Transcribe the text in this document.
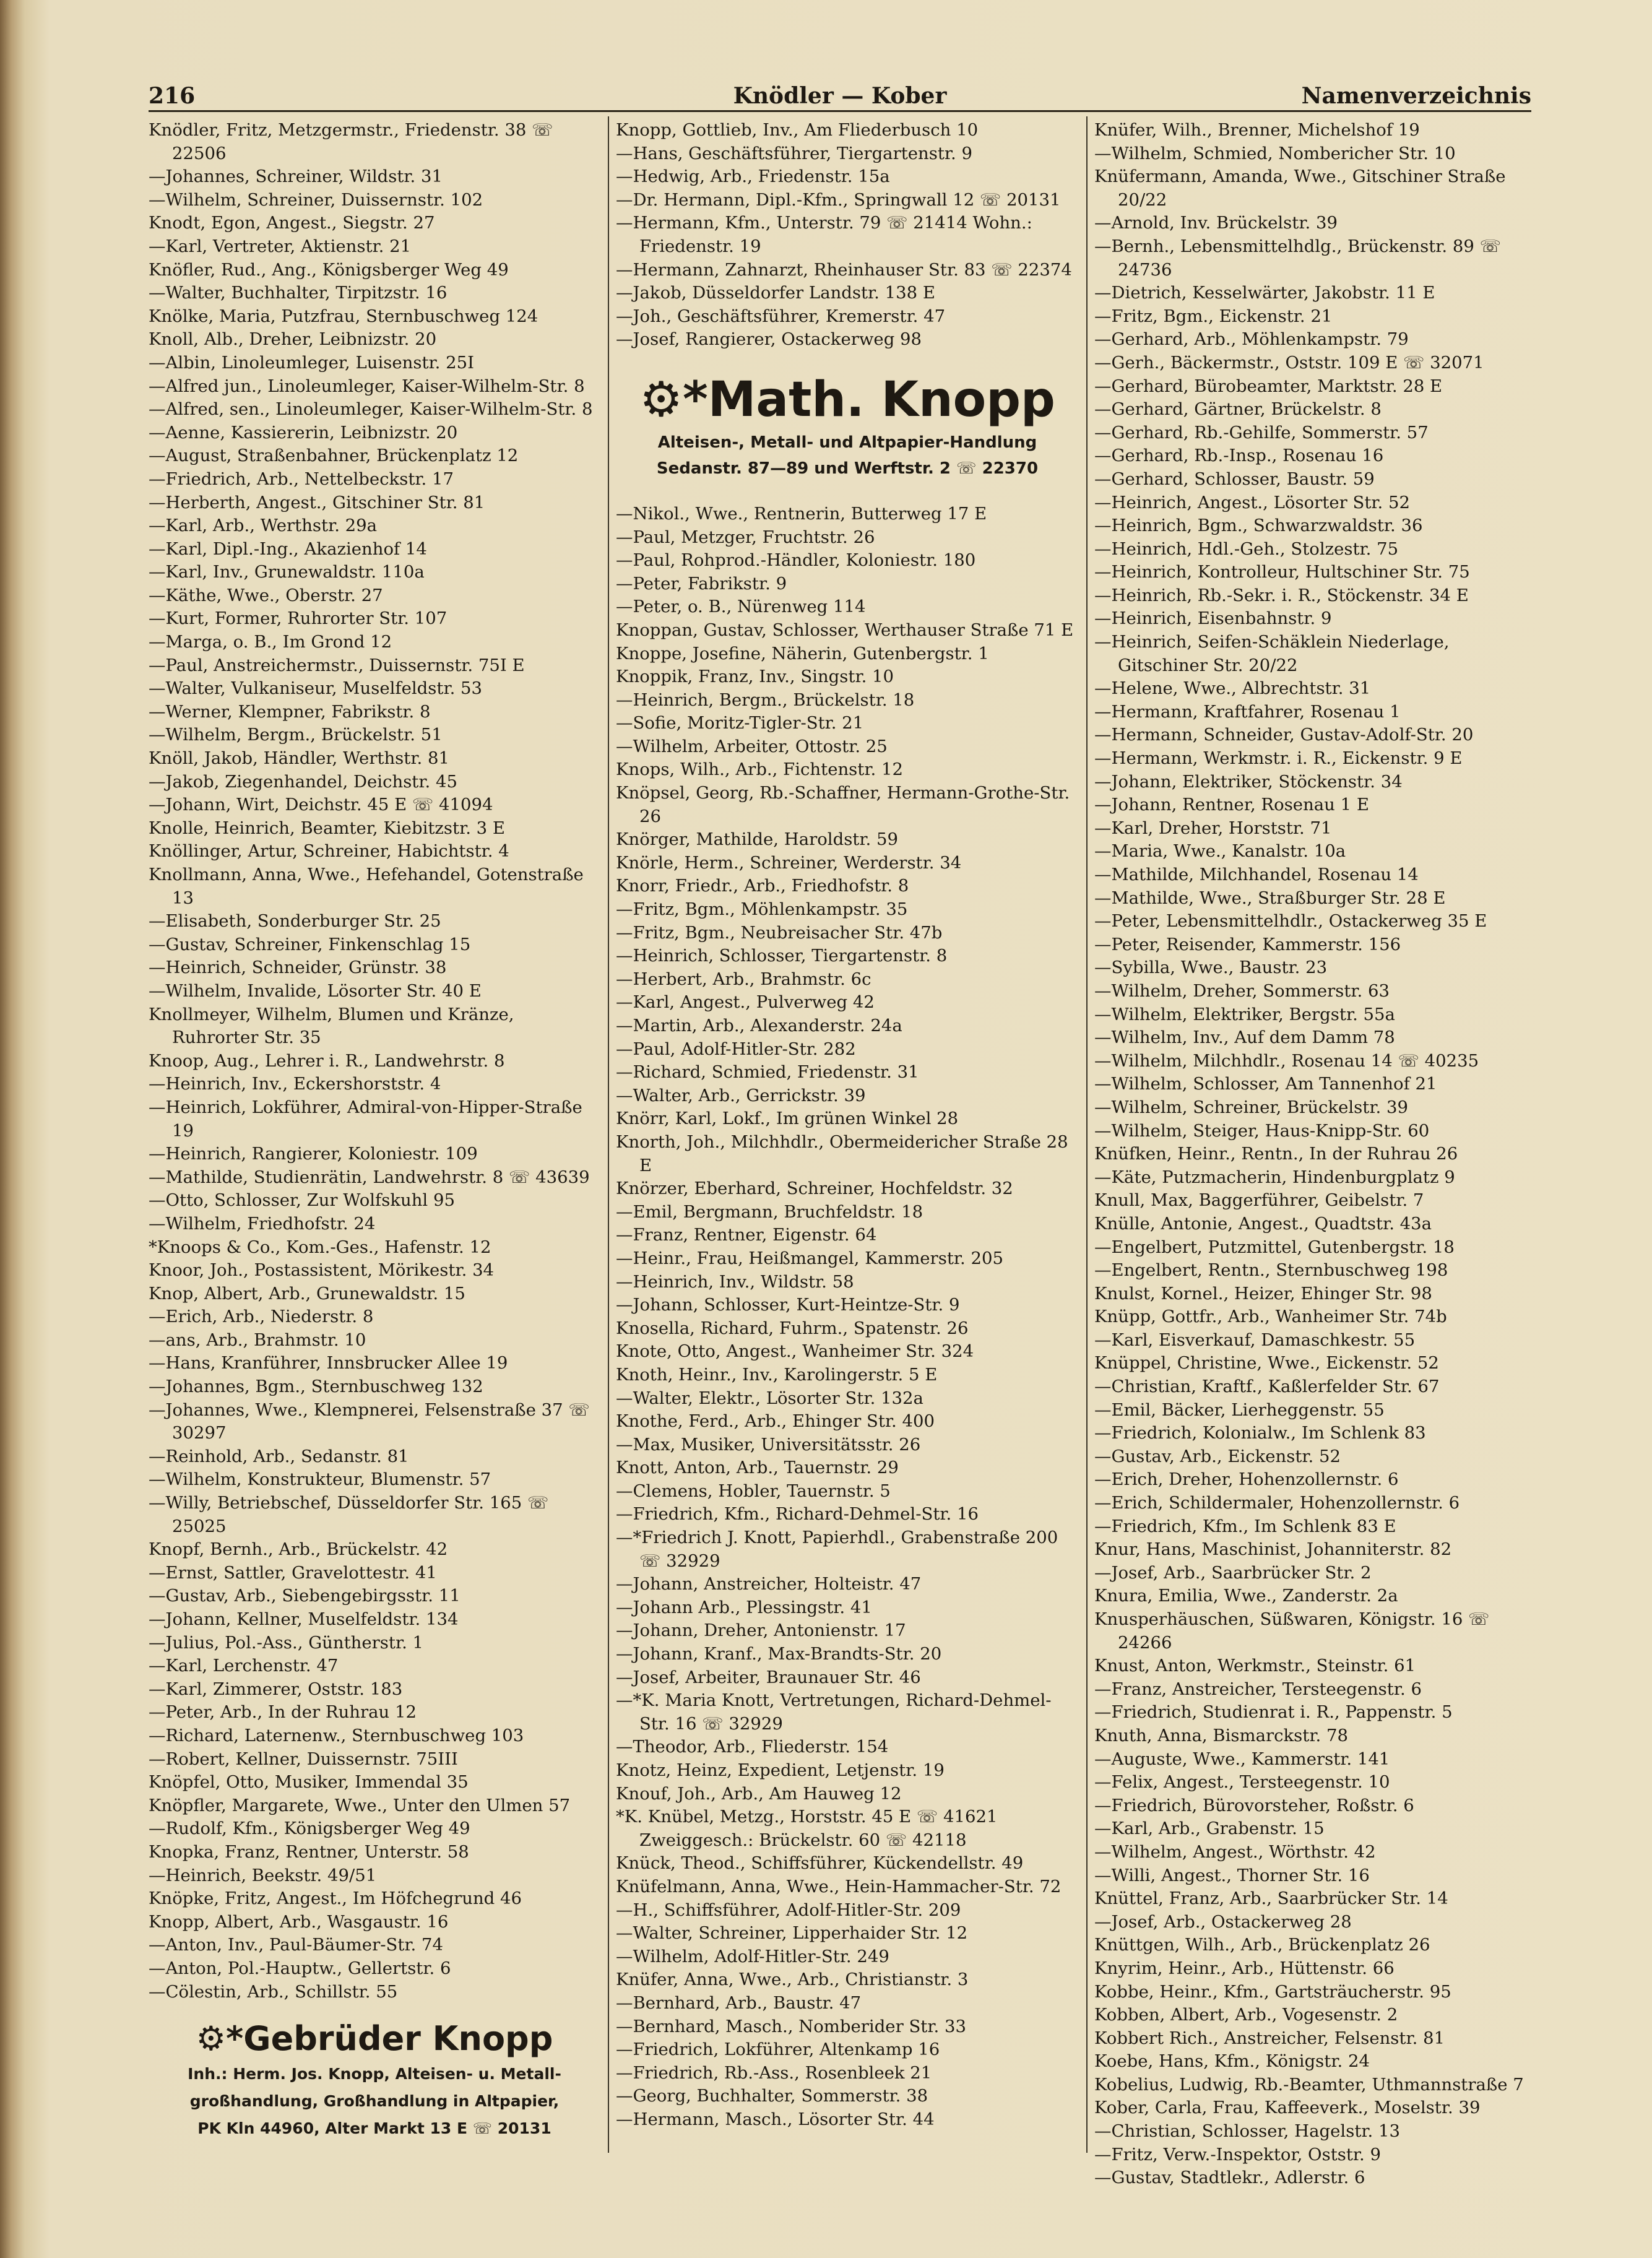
216	Knödler — Kober	Namenverzeichnis

Knödler, Fritz, Metzgermstr., Friedenstr. 38 ☏ 22506

—Johannes, Schreiner, Wildstr. 31

—Wilhelm, Schreiner, Duissernstr. 102

Knodt, Egon, Angest., Siegstr. 27

—Karl, Vertreter, Aktienstr. 21

Knöfler, Rud., Ang., Königsberger Weg 49

—Walter, Buchhalter, Tirpitzstr. 16

Knölke, Maria, Putzfrau, Sternbuschweg 124

Knoll, Alb., Dreher, Leibnizstr. 20

—Albin, Linoleumleger, Luisenstr. 25I

—Alfred jun., Linoleumleger, Kaiser-Wilhelm-Str. 8

—Alfred, sen., Linoleumleger, Kaiser-Wilhelm-Str. 8

—Aenne, Kassiererin, Leibnizstr. 20

—August, Straßenbahner, Brückenplatz 12

—Friedrich, Arb., Nettelbeckstr. 17

—Herberth, Angest., Gitschiner Str. 81

—Karl, Arb., Werthstr. 29a

—Karl, Dipl.-Ing., Akazienhof 14

—Karl, Inv., Grunewaldstr. 110a

—Käthe, Wwe., Oberstr. 27

—Kurt, Former, Ruhrorter Str. 107

—Marga, o. B., Im Grond 12

—Paul, Anstreichermstr., Duissernstr. 75I E

—Walter, Vulkaniseur, Muselfeldstr. 53

—Werner, Klempner, Fabrikstr. 8

—Wilhelm, Bergm., Brückelstr. 51

Knöll, Jakob, Händler, Werthstr. 81

—Jakob, Ziegenhandel, Deichstr. 45

—Johann, Wirt, Deichstr. 45 E ☏ 41094

Knolle, Heinrich, Beamter, Kiebitzstr. 3 E

Knöllinger, Artur, Schreiner, Habichtstr. 4

Knollmann, Anna, Wwe., Hefehandel, Gotenstraße 13

—Elisabeth, Sonderburger Str. 25

—Gustav, Schreiner, Finkenschlag 15

—Heinrich, Schneider, Grünstr. 38

—Wilhelm, Invalide, Lösorter Str. 40 E

Knollmeyer, Wilhelm, Blumen und Kränze, Ruhrorter Str. 35

Knoop, Aug., Lehrer i. R., Landwehrstr. 8

—Heinrich, Inv., Eckershorststr. 4

—Heinrich, Lokführer, Admiral-von-Hipper-Straße 19

—Heinrich, Rangierer, Koloniestr. 109

—Mathilde, Studienrätin, Landwehrstr. 8 ☏ 43639

—Otto, Schlosser, Zur Wolfskuhl 95

—Wilhelm, Friedhofstr. 24

*Knoops & Co., Kom.-Ges., Hafenstr. 12

Knoor, Joh., Postassistent, Mörikestr. 34

Knop, Albert, Arb., Grunewaldstr. 15

—Erich, Arb., Niederstr. 8

—ans, Arb., Brahmstr. 10

—Hans, Kranführer, Innsbrucker Allee 19

—Johannes, Bgm., Sternbuschweg 132

—Johannes, Wwe., Klempnerei, Felsenstraße 37 ☏ 30297

—Reinhold, Arb., Sedanstr. 81

—Wilhelm, Konstrukteur, Blumenstr. 57

—Willy, Betriebschef, Düsseldorfer Str. 165 ☏ 25025

Knopf, Bernh., Arb., Brückelstr. 42

—Ernst, Sattler, Gravelottestr. 41

—Gustav, Arb., Siebengebirgsstr. 11

—Johann, Kellner, Muselfeldstr. 134

—Julius, Pol.-Ass., Güntherstr. 1

—Karl, Lerchenstr. 47

—Karl, Zimmerer, Oststr. 183

—Peter, Arb., In der Ruhrau 12

—Richard, Laternenw., Sternbuschweg 103

—Robert, Kellner, Duissernstr. 75III

Knöpfel, Otto, Musiker, Immendal 35

Knöpfler, Margarete, Wwe., Unter den Ulmen 57

—Rudolf, Kfm., Königsberger Weg 49

Knopka, Franz, Rentner, Unterstr. 58

—Heinrich, Beekstr. 49/51

Knöpke, Fritz, Angest., Im Höfchegrund 46

Knopp, Albert, Arb., Wasgaustr. 16

—Anton, Inv., Paul-Bäumer-Str. 74

—Anton, Pol.-Hauptw., Gellertstr. 6

—Cölestin, Arb., Schillstr. 55

⚙*Gebrüder Knopp
Inh.: Herm. Jos. Knopp, Alteisen- u. Metall-
großhandlung, Großhandlung in Altpapier,
PK Kln 44960, Alter Markt 13 E ☏ 20131

Knopp, Gottlieb, Inv., Am Fliederbusch 10

—Hans, Geschäftsführer, Tiergartenstr. 9

—Hedwig, Arb., Friedenstr. 15a

—Dr. Hermann, Dipl.-Kfm., Springwall 12 ☏ 20131

—Hermann, Kfm., Unterstr. 79 ☏ 21414 Wohn.: Friedenstr. 19

—Hermann, Zahnarzt, Rheinhauser Str. 83 ☏ 22374

—Jakob, Düsseldorfer Landstr. 138 E

—Joh., Geschäftsführer, Kremerstr. 47

—Josef, Rangierer, Ostackerweg 98

⚙*Math. Knopp
Alteisen-, Metall- und Altpapier-Handlung
Sedanstr. 87—89 und Werftstr. 2 ☏ 22370

—Nikol., Wwe., Rentnerin, Butterweg 17 E

—Paul, Metzger, Fruchtstr. 26

—Paul, Rohprod.-Händler, Koloniestr. 180

—Peter, Fabrikstr. 9

—Peter, o. B., Nürenweg 114

Knoppan, Gustav, Schlosser, Werthauser Straße 71 E

Knoppe, Josefine, Näherin, Gutenbergstr. 1

Knoppik, Franz, Inv., Singstr. 10

—Heinrich, Bergm., Brückelstr. 18

—Sofie, Moritz-Tigler-Str. 21

—Wilhelm, Arbeiter, Ottostr. 25

Knops, Wilh., Arb., Fichtenstr. 12

Knöpsel, Georg, Rb.-Schaffner, Hermann-Grothe-Str. 26

Knörger, Mathilde, Haroldstr. 59

Knörle, Herm., Schreiner, Werderstr. 34

Knorr, Friedr., Arb., Friedhofstr. 8

—Fritz, Bgm., Möhlenkampstr. 35

—Fritz, Bgm., Neubreisacher Str. 47b

—Heinrich, Schlosser, Tiergartenstr. 8

—Herbert, Arb., Brahmstr. 6c

—Karl, Angest., Pulverweg 42

—Martin, Arb., Alexanderstr. 24a

—Paul, Adolf-Hitler-Str. 282

—Richard, Schmied, Friedenstr. 31

—Walter, Arb., Gerrickstr. 39

Knörr, Karl, Lokf., Im grünen Winkel 28

Knorth, Joh., Milchhdlr., Obermeidericher Straße 28 E

Knörzer, Eberhard, Schreiner, Hochfeldstr. 32

—Emil, Bergmann, Bruchfeldstr. 18

—Franz, Rentner, Eigenstr. 64

—Heinr., Frau, Heißmangel, Kammerstr. 205

—Heinrich, Inv., Wildstr. 58

—Johann, Schlosser, Kurt-Heintze-Str. 9

Knosella, Richard, Fuhrm., Spatenstr. 26

Knote, Otto, Angest., Wanheimer Str. 324

Knoth, Heinr., Inv., Karolingerstr. 5 E

—Walter, Elektr., Lösorter Str. 132a

Knothe, Ferd., Arb., Ehinger Str. 400

—Max, Musiker, Universitätsstr. 26

Knott, Anton, Arb., Tauernstr. 29

—Clemens, Hobler, Tauernstr. 5

—Friedrich, Kfm., Richard-Dehmel-Str. 16

—*Friedrich J. Knott, Papierhdl., Grabenstraße 200 ☏ 32929

—Johann, Anstreicher, Holteistr. 47

—Johann Arb., Plessingstr. 41

—Johann, Dreher, Antonienstr. 17

—Johann, Kranf., Max-Brandts-Str. 20

—Josef, Arbeiter, Braunauer Str. 46

—*K. Maria Knott, Vertretungen, Richard-Dehmel-Str. 16 ☏ 32929

—Theodor, Arb., Fliederstr. 154

Knotz, Heinz, Expedient, Letjenstr. 19

Knouf, Joh., Arb., Am Hauweg 12

*K. Knübel, Metzg., Horststr. 45 E ☏ 41621 Zweiggesch.: Brückelstr. 60 ☏ 42118

Knück, Theod., Schiffsführer, Kückendellstr. 49

Knüfelmann, Anna, Wwe., Hein-Hammacher-Str. 72

—H., Schiffsführer, Adolf-Hitler-Str. 209

—Walter, Schreiner, Lipperhaider Str. 12

—Wilhelm, Adolf-Hitler-Str. 249

Knüfer, Anna, Wwe., Arb., Christianstr. 3

—Bernhard, Arb., Baustr. 47

—Bernhard, Masch., Nomberider Str. 33

—Friedrich, Lokführer, Altenkamp 16

—Friedrich, Rb.-Ass., Rosenbleek 21

—Georg, Buchhalter, Sommerstr. 38

—Hermann, Masch., Lösorter Str. 44

Knüfer, Wilh., Brenner, Michelshof 19

—Wilhelm, Schmied, Nombericher Str. 10

Knüfermann, Amanda, Wwe., Gitschiner Straße 20/22

—Arnold, Inv. Brückelstr. 39

—Bernh., Lebensmittelhdlg., Brückenstr. 89 ☏ 24736

—Dietrich, Kesselwärter, Jakobstr. 11 E

—Fritz, Bgm., Eickenstr. 21

—Gerhard, Arb., Möhlenkampstr. 79

—Gerh., Bäckermstr., Oststr. 109 E ☏ 32071

—Gerhard, Bürobeamter, Marktstr. 28 E

—Gerhard, Gärtner, Brückelstr. 8

—Gerhard, Rb.-Gehilfe, Sommerstr. 57

—Gerhard, Rb.-Insp., Rosenau 16

—Gerhard, Schlosser, Baustr. 59

—Heinrich, Angest., Lösorter Str. 52

—Heinrich, Bgm., Schwarzwaldstr. 36

—Heinrich, Hdl.-Geh., Stolzestr. 75

—Heinrich, Kontrolleur, Hultschiner Str. 75

—Heinrich, Rb.-Sekr. i. R., Stöckenstr. 34 E

—Heinrich, Eisenbahnstr. 9

—Heinrich, Seifen-Schäklein Niederlage, Gitschiner Str. 20/22

—Helene, Wwe., Albrechtstr. 31

—Hermann, Kraftfahrer, Rosenau 1

—Hermann, Schneider, Gustav-Adolf-Str. 20

—Hermann, Werkmstr. i. R., Eickenstr. 9 E

—Johann, Elektriker, Stöckenstr. 34

—Johann, Rentner, Rosenau 1 E

—Karl, Dreher, Horststr. 71

—Maria, Wwe., Kanalstr. 10a

—Mathilde, Milchhandel, Rosenau 14

—Mathilde, Wwe., Straßburger Str. 28 E

—Peter, Lebensmittelhdlr., Ostackerweg 35 E

—Peter, Reisender, Kammerstr. 156

—Sybilla, Wwe., Baustr. 23

—Wilhelm, Dreher, Sommerstr. 63

—Wilhelm, Elektriker, Bergstr. 55a

—Wilhelm, Inv., Auf dem Damm 78

—Wilhelm, Milchhdlr., Rosenau 14 ☏ 40235

—Wilhelm, Schlosser, Am Tannenhof 21

—Wilhelm, Schreiner, Brückelstr. 39

—Wilhelm, Steiger, Haus-Knipp-Str. 60

Knüfken, Heinr., Rentn., In der Ruhrau 26

—Käte, Putzmacherin, Hindenburgplatz 9

Knull, Max, Baggerführer, Geibelstr. 7

Knülle, Antonie, Angest., Quadtstr. 43a

—Engelbert, Putzmittel, Gutenbergstr. 18

—Engelbert, Rentn., Sternbuschweg 198

Knulst, Kornel., Heizer, Ehinger Str. 98

Knüpp, Gottfr., Arb., Wanheimer Str. 74b

—Karl, Eisverkauf, Damaschkestr. 55

Knüppel, Christine, Wwe., Eickenstr. 52

—Christian, Kraftf., Kaßlerfelder Str. 67

—Emil, Bäcker, Lierheggenstr. 55

—Friedrich, Kolonialw., Im Schlenk 83

—Gustav, Arb., Eickenstr. 52

—Erich, Dreher, Hohenzollernstr. 6

—Erich, Schildermaler, Hohenzollernstr. 6

—Friedrich, Kfm., Im Schlenk 83 E

Knur, Hans, Maschinist, Johanniterstr. 82

—Josef, Arb., Saarbrücker Str. 2

Knura, Emilia, Wwe., Zanderstr. 2a

Knusperhäuschen, Süßwaren, Königstr. 16 ☏ 24266

Knust, Anton, Werkmstr., Steinstr. 61

—Franz, Anstreicher, Tersteegenstr. 6

—Friedrich, Studienrat i. R., Pappenstr. 5

Knuth, Anna, Bismarckstr. 78

—Auguste, Wwe., Kammerstr. 141

—Felix, Angest., Tersteegenstr. 10

—Friedrich, Bürovorsteher, Roßstr. 6

—Karl, Arb., Grabenstr. 15

—Wilhelm, Angest., Wörthstr. 42

—Willi, Angest., Thorner Str. 16

Knüttel, Franz, Arb., Saarbrücker Str. 14

—Josef, Arb., Ostackerweg 28

Knüttgen, Wilh., Arb., Brückenplatz 26

Knyrim, Heinr., Arb., Hüttenstr. 66

Kobbe, Heinr., Kfm., Gartsträucherstr. 95

Kobben, Albert, Arb., Vogesenstr. 2

Kobbert Rich., Anstreicher, Felsenstr. 81

Koebe, Hans, Kfm., Königstr. 24

Kobelius, Ludwig, Rb.-Beamter, Uthmannstraße 7

Kober, Carla, Frau, Kaffeeverk., Moselstr. 39

—Christian, Schlosser, Hagelstr. 13

—Fritz, Verw.-Inspektor, Oststr. 9

—Gustav, Stadtlekr., Adlerstr. 6
